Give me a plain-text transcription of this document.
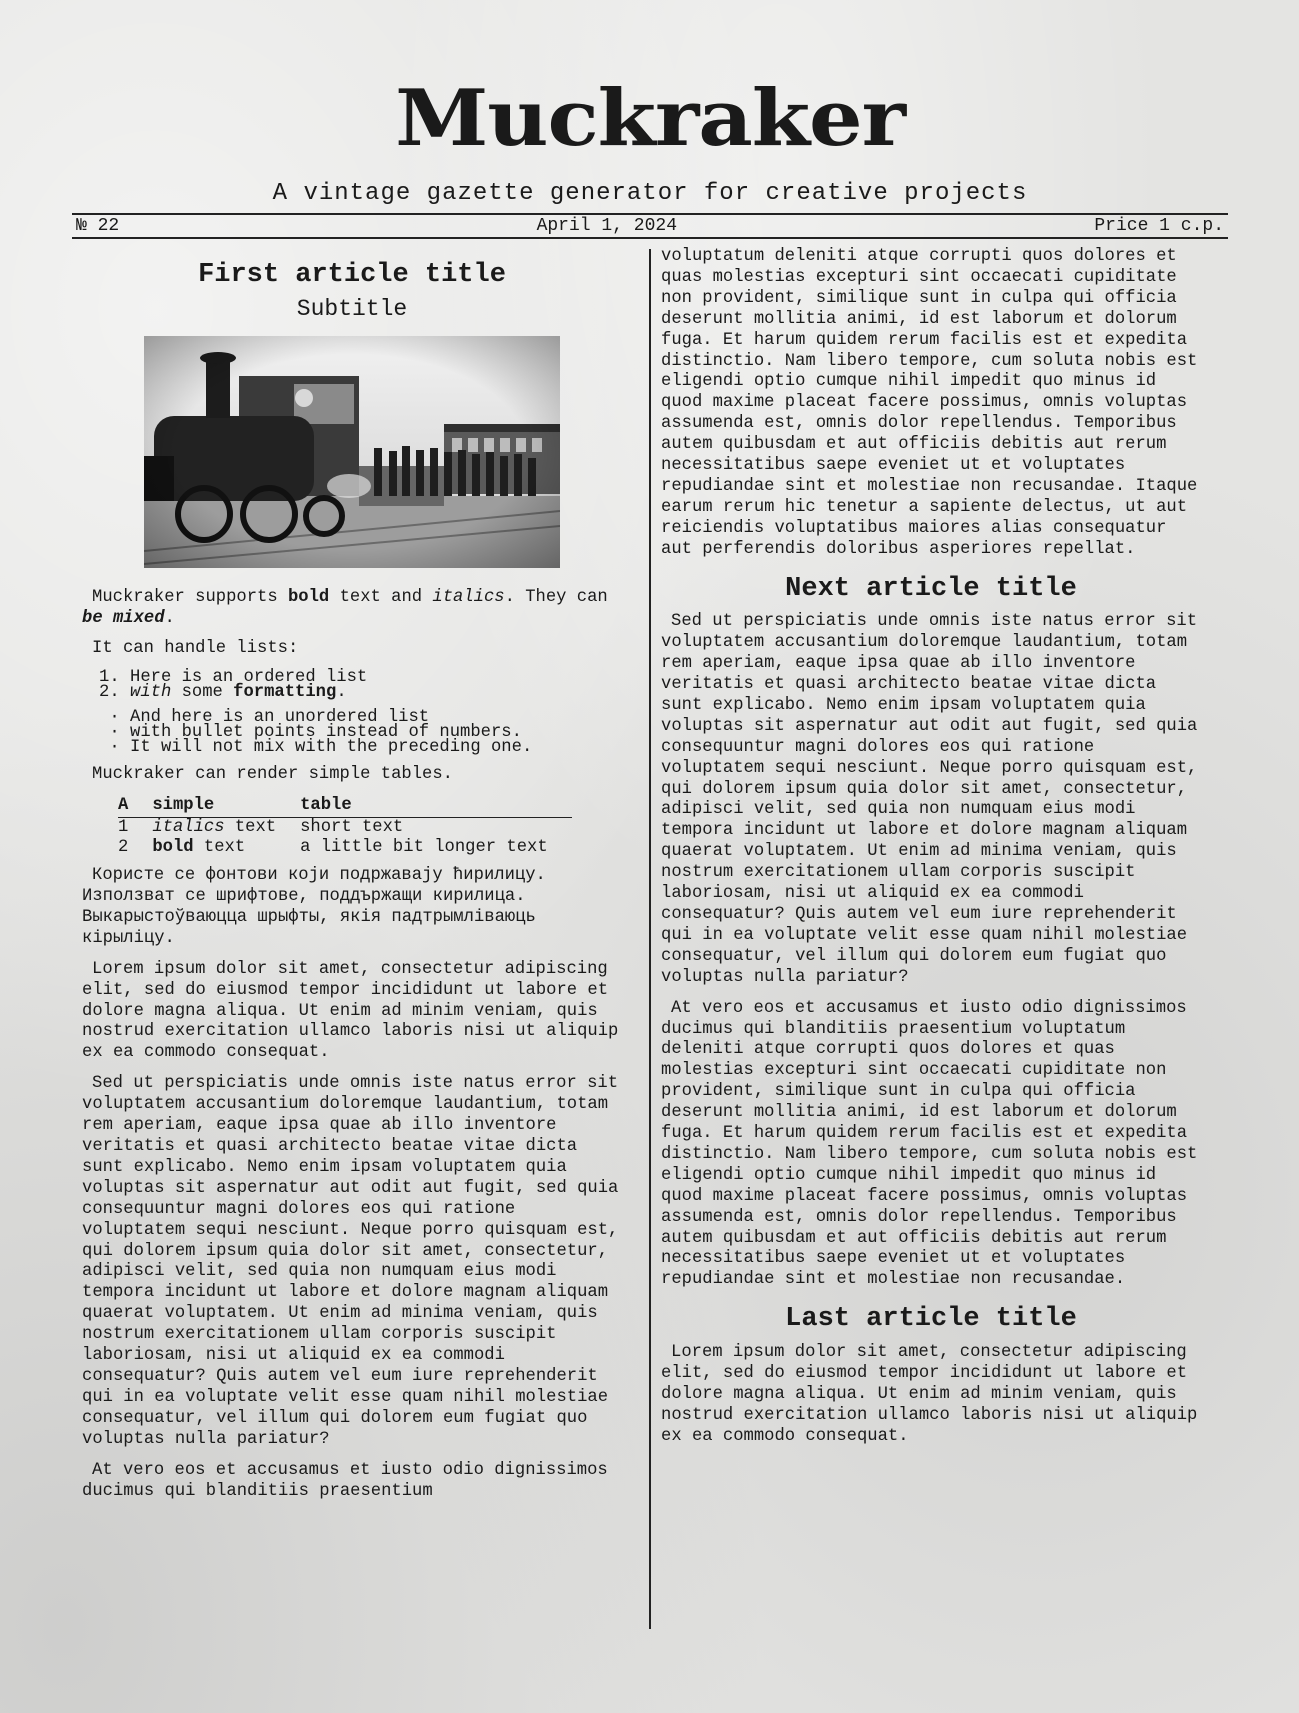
Muckraker
A vintage gazette generator for creative projects
№ 22	April 1, 2024	Price 1 c.p.
First article title
Subtitle

Muckraker supports bold text and italics. They can be mixed.

It can handle lists:

1. Here is an ordered list
2. with some formatting.
· And here is an unordered list
· with bullet points instead of numbers.
· It will not mix with the preceding one.

Muckraker can render simple tables.

A	simple	table
1	italics text	short text
2	bold text	a little bit longer text

Користе се фонтови који подржавају ћирилицу. Използват се шрифтове, поддържащи кирилица. Выкарыстоўваюцца шрыфты, якія падтрымліваюць кірыліцу.

Lorem ipsum dolor sit amet, consectetur adipiscing elit, sed do eiusmod tempor incididunt ut labore et dolore magna aliqua. Ut enim ad minim veniam, quis nostrud exercitation ullamco laboris nisi ut aliquip ex ea commodo consequat.

Sed ut perspiciatis unde omnis iste natus error sit voluptatem accusantium doloremque laudantium, totam rem aperiam, eaque ipsa quae ab illo inventore veritatis et quasi architecto beatae vitae dicta sunt explicabo. Nemo enim ipsam voluptatem quia voluptas sit aspernatur aut odit aut fugit, sed quia consequuntur magni dolores eos qui ratione voluptatem sequi nesciunt. Neque porro quisquam est, qui dolorem ipsum quia dolor sit amet, consectetur, adipisci velit, sed quia non numquam eius modi tempora incidunt ut labore et dolore magnam aliquam quaerat voluptatem. Ut enim ad minima veniam, quis nostrum exercitationem ullam corporis suscipit laboriosam, nisi ut aliquid ex ea commodi consequatur? Quis autem vel eum iure reprehenderit qui in ea voluptate velit esse quam nihil molestiae consequatur, vel illum qui dolorem eum fugiat quo voluptas nulla pariatur?

At vero eos et accusamus et iusto odio dignissimos ducimus qui blanditiis praesentium

voluptatum deleniti atque corrupti quos dolores et quas molestias excepturi sint occaecati cupiditate non provident, similique sunt in culpa qui officia deserunt mollitia animi, id est laborum et dolorum fuga. Et harum quidem rerum facilis est et expedita distinctio. Nam libero tempore, cum soluta nobis est eligendi optio cumque nihil impedit quo minus id quod maxime placeat facere possimus, omnis voluptas assumenda est, omnis dolor repellendus. Temporibus autem quibusdam et aut officiis debitis aut rerum necessitatibus saepe eveniet ut et voluptates repudiandae sint et molestiae non recusandae. Itaque earum rerum hic tenetur a sapiente delectus, ut aut reiciendis voluptatibus maiores alias consequatur aut perferendis doloribus asperiores repellat.

Next article title

Sed ut perspiciatis unde omnis iste natus error sit voluptatem accusantium doloremque laudantium, totam rem aperiam, eaque ipsa quae ab illo inventore veritatis et quasi architecto beatae vitae dicta sunt explicabo. Nemo enim ipsam voluptatem quia voluptas sit aspernatur aut odit aut fugit, sed quia consequuntur magni dolores eos qui ratione voluptatem sequi nesciunt. Neque porro quisquam est, qui dolorem ipsum quia dolor sit amet, consectetur, adipisci velit, sed quia non numquam eius modi tempora incidunt ut labore et dolore magnam aliquam quaerat voluptatem. Ut enim ad minima veniam, quis nostrum exercitationem ullam corporis suscipit laboriosam, nisi ut aliquid ex ea commodi consequatur? Quis autem vel eum iure reprehenderit qui in ea voluptate velit esse quam nihil molestiae consequatur, vel illum qui dolorem eum fugiat quo voluptas nulla pariatur?

At vero eos et accusamus et iusto odio dignissimos ducimus qui blanditiis praesentium voluptatum deleniti atque corrupti quos dolores et quas molestias excepturi sint occaecati cupiditate non provident, similique sunt in culpa qui officia deserunt mollitia animi, id est laborum et dolorum fuga. Et harum quidem rerum facilis est et expedita distinctio. Nam libero tempore, cum soluta nobis est eligendi optio cumque nihil impedit quo minus id quod maxime placeat facere possimus, omnis voluptas assumenda est, omnis dolor repellendus. Temporibus autem quibusdam et aut officiis debitis aut rerum necessitatibus saepe eveniet ut et voluptates repudiandae sint et molestiae non recusandae.

Last article title

Lorem ipsum dolor sit amet, consectetur adipiscing elit, sed do eiusmod tempor incididunt ut labore et dolore magna aliqua. Ut enim ad minim veniam, quis nostrud exercitation ullamco laboris nisi ut aliquip ex ea commodo consequat.
